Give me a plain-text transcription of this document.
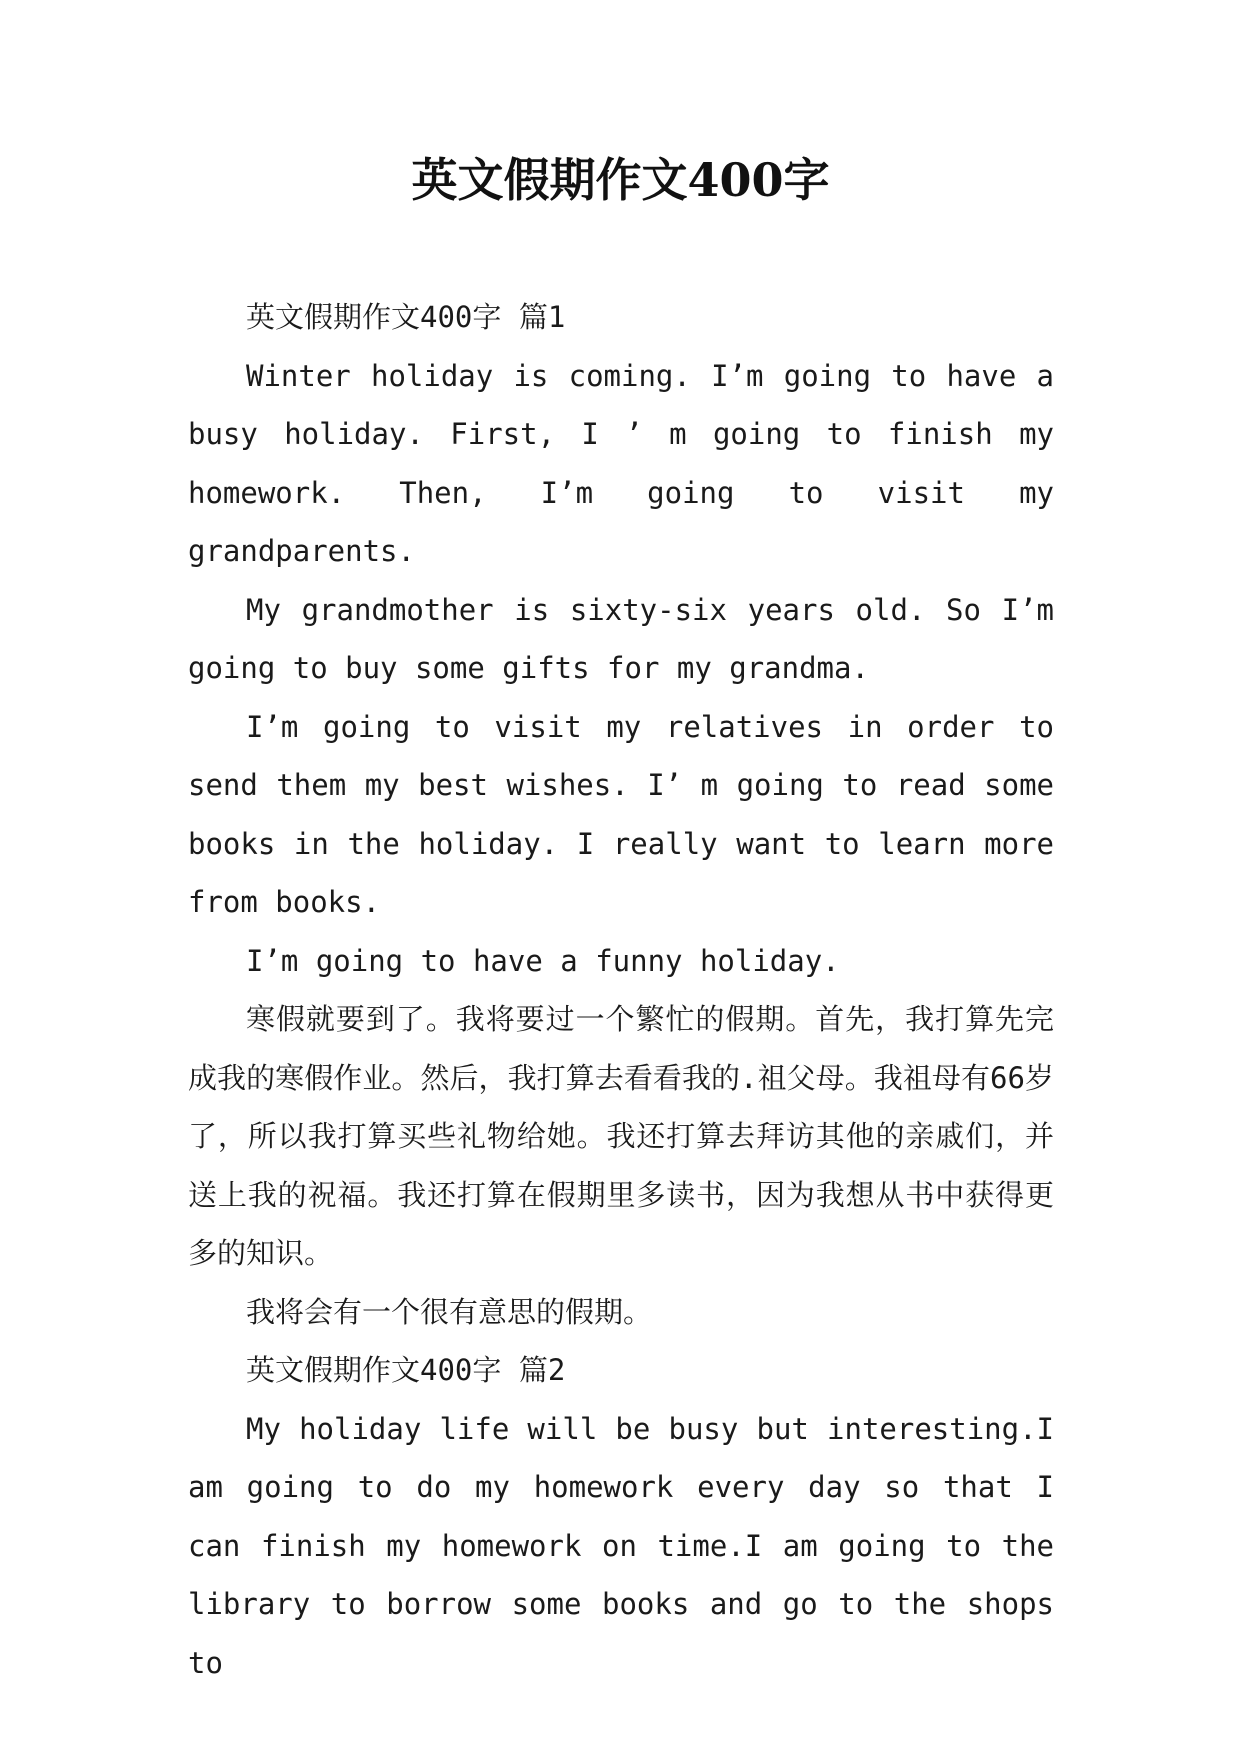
英文假期作文400字

英文假期作文400字 篇1

Winter holiday is coming. I’m going to have a busy holiday. First, I ’ m going to finish my homework. Then, I’m going to visit my grandparents.

My grandmother is sixty-six years old. So I’m going to buy some gifts for my grandma.

I’m going to visit my relatives in order to send them my best wishes. I’ m going to read some books in the holiday. I really want to learn more from books.

I’m going to have a funny holiday.

寒假就要到了。我将要过一个繁忙的假期。首先，我打算先完成我的寒假作业。然后，我打算去看看我的.祖父母。我祖母有66岁了，所以我打算买些礼物给她。我还打算去拜访其他的亲戚们，并送上我的祝福。我还打算在假期里多读书，因为我想从书中获得更多的知识。

我将会有一个很有意思的假期。

英文假期作文400字 篇2

My holiday life will be busy but interesting.I am going to do my homework every day so that I can finish my homework on time.I am going to the library to borrow some books and go to the shops to
